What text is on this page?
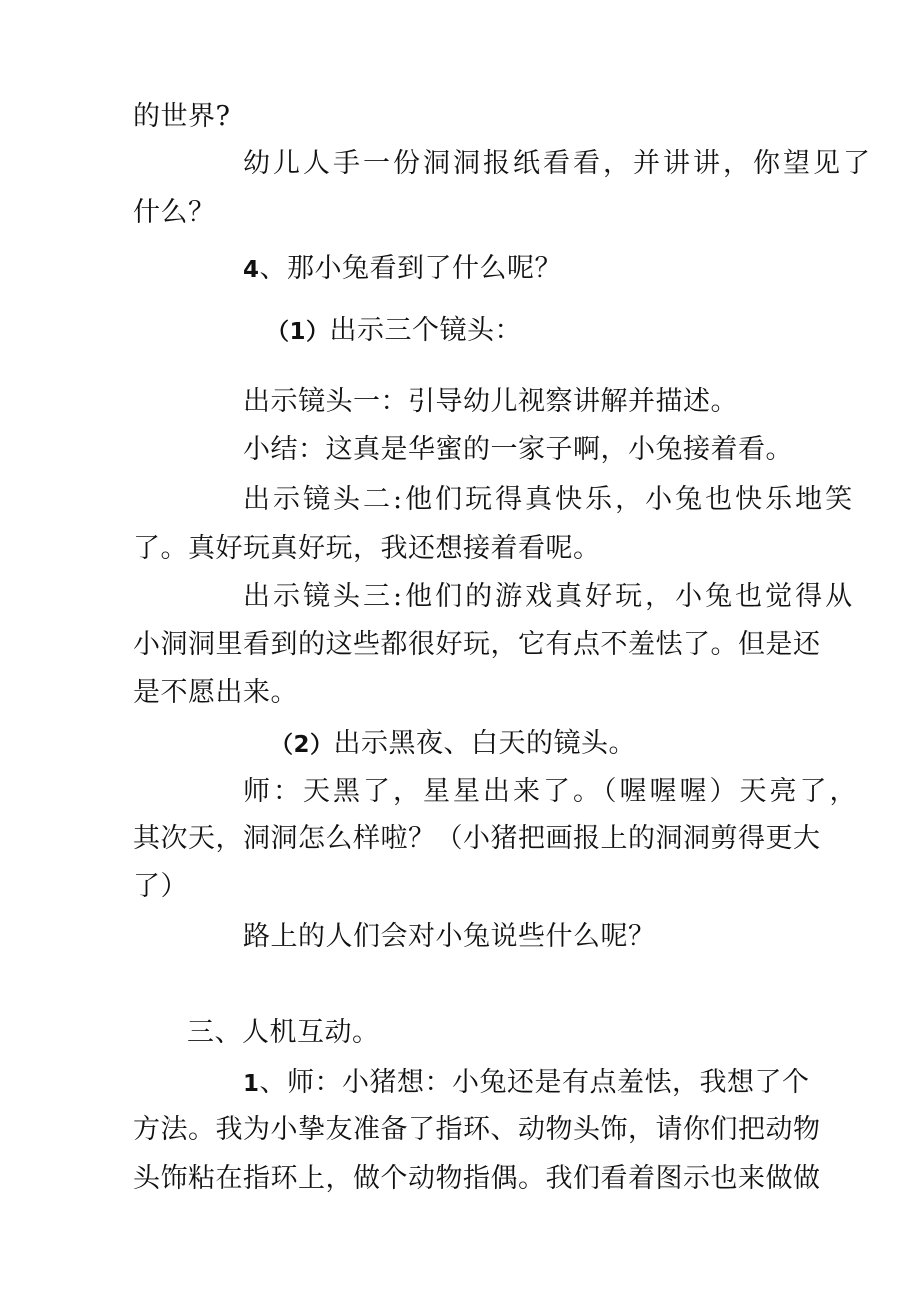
的世界?
幼儿人手一份洞洞报纸看看，并讲讲，你望见了
什么？
4、那小兔看到了什么呢？
（1）出示三个镜头：
出示镜头一：引导幼儿视察讲解并描述。
小结：这真是华蜜的一家子啊，小兔接着看。
出示镜头二:他们玩得真快乐，小兔也快乐地笑
了。真好玩真好玩，我还想接着看呢。
出示镜头三:他们的游戏真好玩，小兔也觉得从
小洞洞里看到的这些都很好玩，它有点不羞怯了。但是还
是不愿出来。
（2）出示黑夜、白天的镜头。
师：天黑了，星星出来了。（喔喔喔）天亮了，
其次天，洞洞怎么样啦？（小猪把画报上的洞洞剪得更大
了）
路上的人们会对小兔说些什么呢？
三、人机互动。
1、师：小猪想：小兔还是有点羞怯，我想了个
方法。我为小挚友准备了指环、动物头饰，请你们把动物
头饰粘在指环上，做个动物指偶。我们看着图示也来做做
